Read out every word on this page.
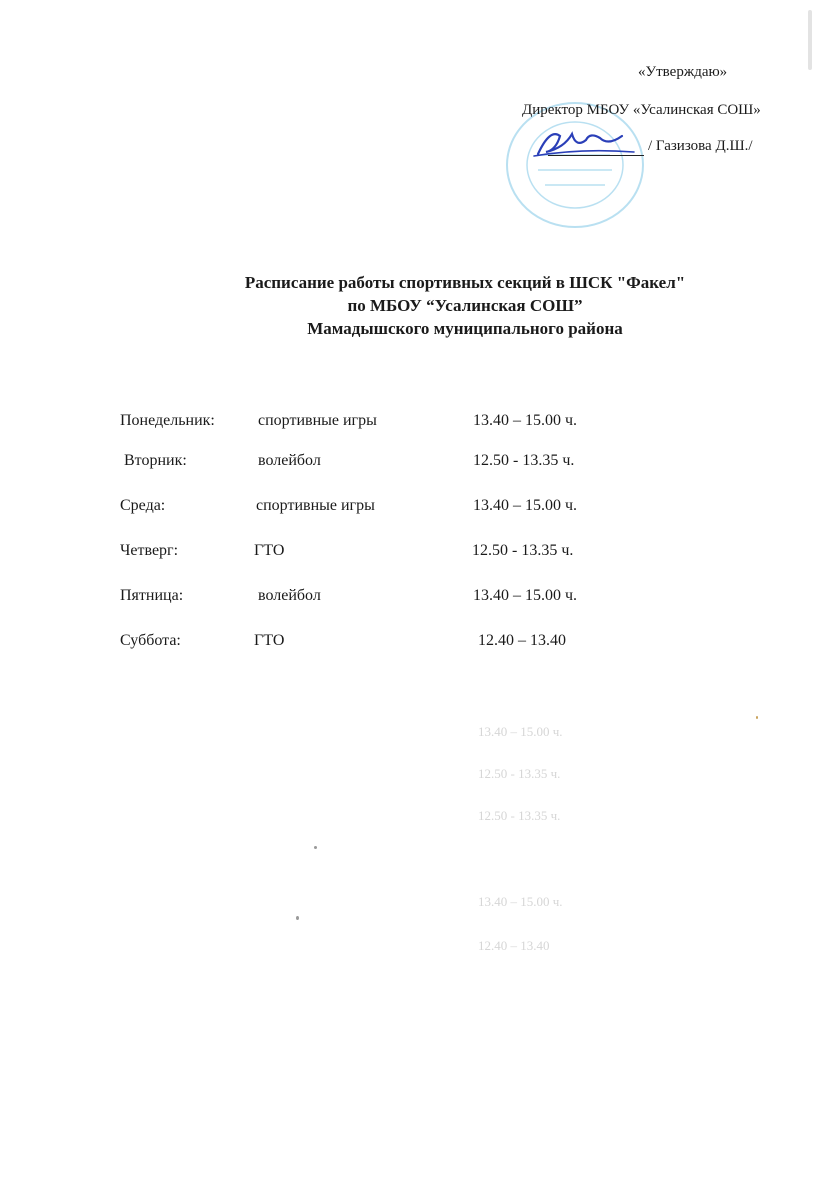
«Утверждаю»
Директор МБОУ «Усалинская СОШ»
/ Газизова Д.Ш./
Расписание работы спортивных секций в ШСК "Факел"
по МБОУ “Усалинская СОШ”
Мамадышского муниципального района
Понедельник:	спортивные игры	13.40 – 15.00 ч.
Вторник:	волейбол	12.50 - 13.35 ч.
Среда:	спортивные игры	13.40 – 15.00 ч.
Четверг:	ГТО	12.50 - 13.35 ч.
Пятница:	волейбол	13.40 – 15.00 ч.
Суббота:	ГТО	12.40 – 13.40
13.40 – 15.00 ч.
12.50 - 13.35 ч.
12.50 - 13.35 ч.
13.40 – 15.00 ч.
12.40 – 13.40
